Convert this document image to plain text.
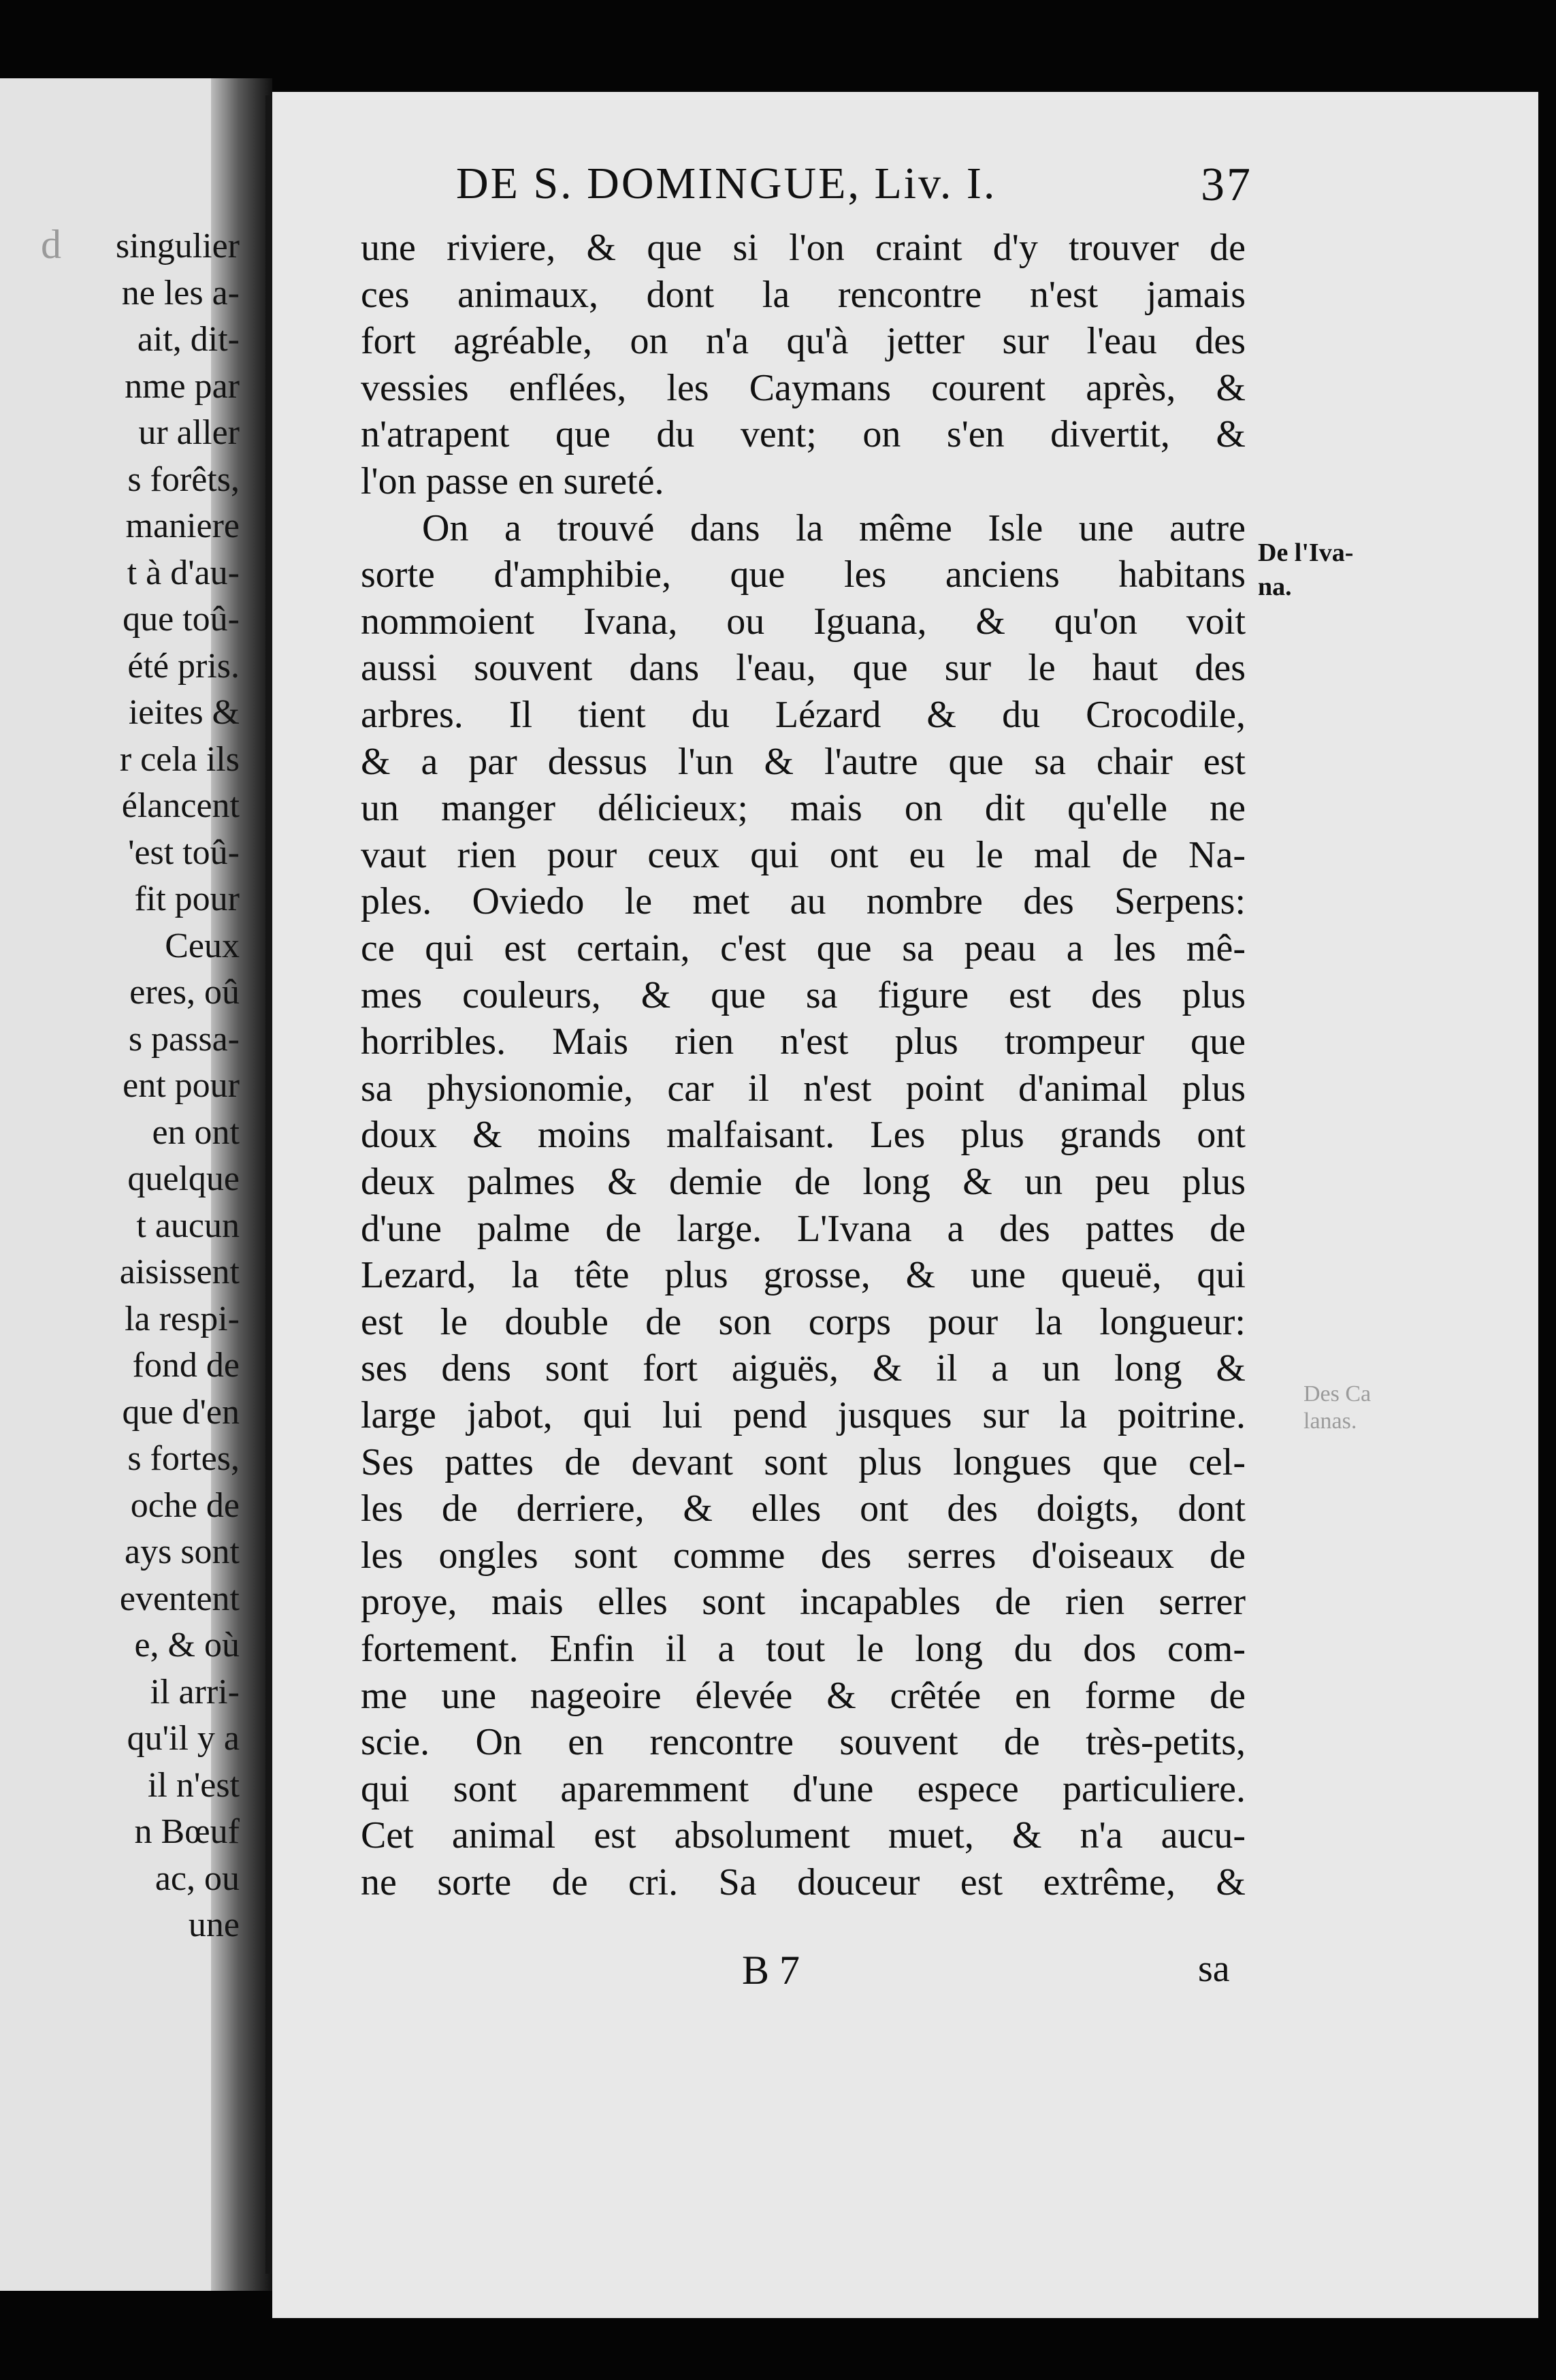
d	singulier
ne les a-
ait, dit-
nme par
ur aller
s forêts,
maniere
t à d'au-
que toû-
été pris.
ieites &
r cela ils
élancent
'est toû-
fit pour
Ceux
eres, oû
s passa-
ent pour
en ont
quelque
t aucun
aisissent
la respi-
fond de
que d'en
s fortes,
oche de
ays sont
eventent
e, & où
il arri-
qu'il y a
il n'est
n Bœuf
ac, ou
une
DE S. DOMINGUE, Liv. I.	37
une riviere, & que si l'on craint d'y trouver de
ces animaux, dont la rencontre n'est jamais
fort agréable, on n'a qu'à jetter sur l'eau des
vessies enflées, les Caymans courent après, &
n'atrapent que du vent; on s'en divertit, &
l'on passe en sureté.
On a trouvé dans la même Isle une autre
sorte d'amphibie, que les anciens habitans
nommoient Ivana, ou Iguana, & qu'on voit
aussi souvent dans l'eau, que sur le haut des
arbres. Il tient du Lézard & du Crocodile,
& a par dessus l'un & l'autre que sa chair est
un manger délicieux; mais on dit qu'elle ne
vaut rien pour ceux qui ont eu le mal de Na-
ples. Oviedo le met au nombre des Serpens:
ce qui est certain, c'est que sa peau a les mê-
mes couleurs, & que sa figure est des plus
horribles. Mais rien n'est plus trompeur que
sa physionomie, car il n'est point d'animal plus
doux & moins malfaisant. Les plus grands ont
deux palmes & demie de long & un peu plus
d'une palme de large. L'Ivana a des pattes de
Lezard, la tête plus grosse, & une queuë, qui
est le double de son corps pour la longueur:
ses dens sont fort aiguës, & il a un long &
large jabot, qui lui pend jusques sur la poitrine.
Ses pattes de devant sont plus longues que cel-
les de derriere, & elles ont des doigts, dont
les ongles sont comme des serres d'oiseaux de
proye, mais elles sont incapables de rien serrer
fortement. Enfin il a tout le long du dos com-
me une nageoire élevée & crêtée en forme de
scie. On en rencontre souvent de très-petits,
qui sont aparemment d'une espece particuliere.
Cet animal est absolument muet, & n'a aucu-
ne sorte de cri. Sa douceur est extrême, &
De l'Iva-
na.
Des Ca
lanas.
B 7	sa
